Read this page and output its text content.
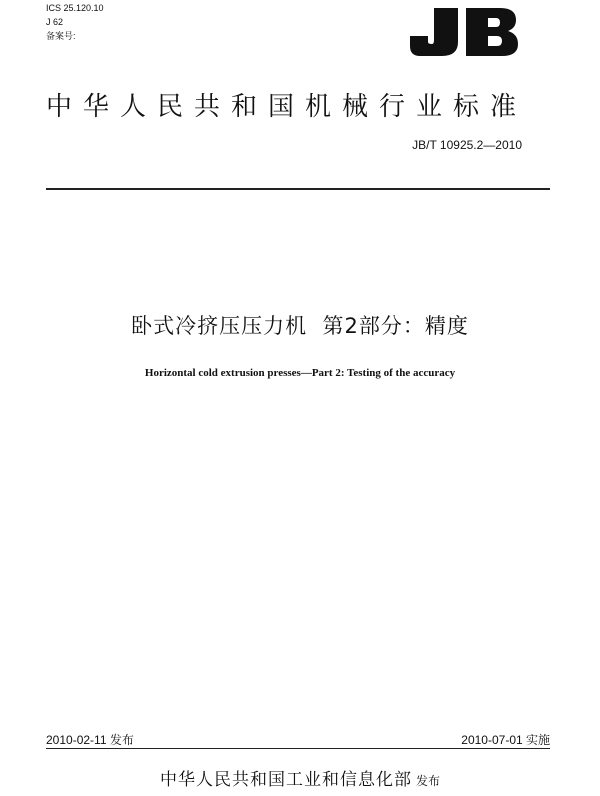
ICS 25.120.10
J 62
备案号:
中华人民共和国机械行业标准
JB/T 10925.2—2010
卧式冷挤压压力机  第2部分：精度
Horizontal cold extrusion presses—Part 2: Testing of the accuracy
2010-02-11 发布	2010-07-01 实施
中华人民共和国工业和信息化部 发布
